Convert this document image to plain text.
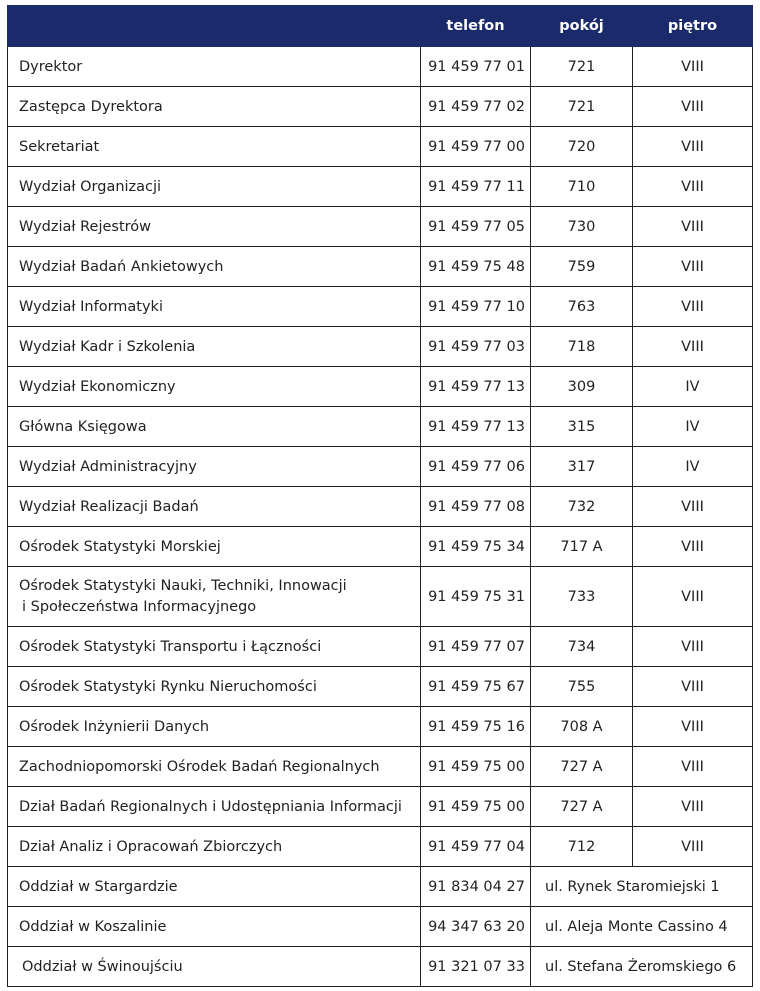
	telefon	pokój	piętro
Dyrektor	91 459 77 01	721	VIII
Zastępca Dyrektora	91 459 77 02	721	VIII
Sekretariat	91 459 77 00	720	VIII
Wydział Organizacji	91 459 77 11	710	VIII
Wydział Rejestrów	91 459 77 05	730	VIII
Wydział Badań Ankietowych	91 459 75 48	759	VIII
Wydział Informatyki	91 459 77 10	763	VIII
Wydział Kadr i Szkolenia	91 459 77 03	718	VIII
Wydział Ekonomiczny	91 459 77 13	309	IV
Główna Księgowa	91 459 77 13	315	IV
Wydział Administracyjny	91 459 77 06	317	IV
Wydział Realizacji Badań	91 459 77 08	732	VIII
Ośrodek Statystyki Morskiej	91 459 75 34	717 A	VIII

Ośrodek Statystyki Nauki, Techniki, Innowacji
i Społeczeństwa Informacyjnego	91 459 75 31	733	VIII
Ośrodek Statystyki Transportu i Łączności	91 459 77 07	734	VIII
Ośrodek Statystyki Rynku Nieruchomości	91 459 75 67	755	VIII
Ośrodek Inżynierii Danych	91 459 75 16	708 A	VIII
Zachodniopomorski Ośrodek Badań Regionalnych	91 459 75 00	727 A	VIII
Dział Badań Regionalnych i Udostępniania Informacji	91 459 75 00	727 A	VIII
Dział Analiz i Opracowań Zbiorczych	91 459 77 04	712	VIII
Oddział w Stargardzie	91 834 04 27	ul. Rynek Staromiejski 1	
Oddział w Koszalinie	94 347 63 20	ul. Aleja Monte Cassino 4	
Oddział w Świnoujściu	91 321 07 33	ul. Stefana Żeromskiego 6	
